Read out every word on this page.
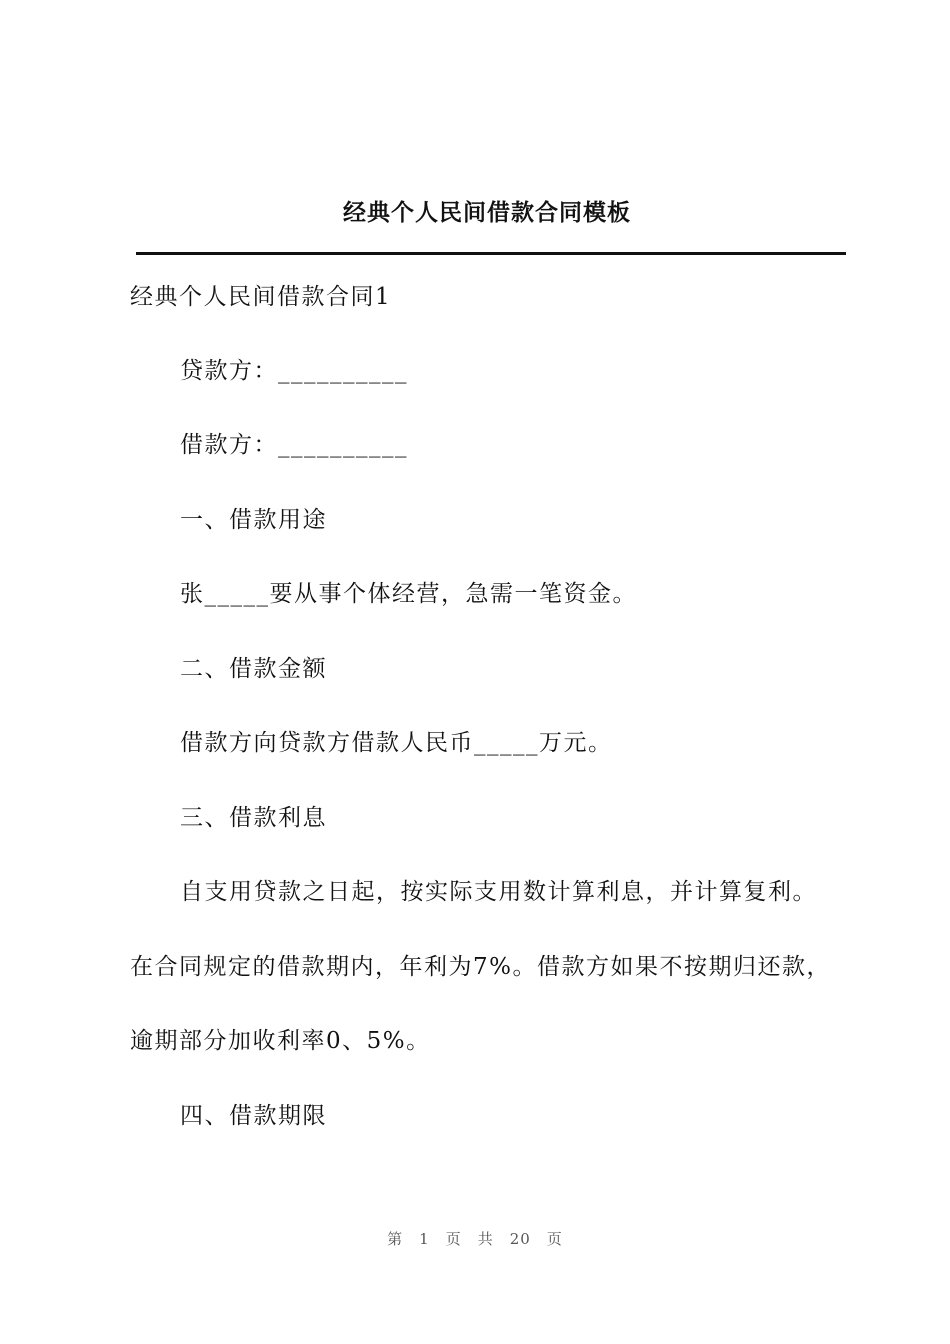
经典个人民间借款合同模板
经典个人民间借款合同1
贷款方：__________
借款方：__________
一、借款用途
张_____要从事个体经营，急需一笔资金。
二、借款金额
借款方向贷款方借款人民币_____万元。
三、借款利息
自支用贷款之日起，按实际支用数计算利息，并计算复利。
在合同规定的借款期内，年利为7%。借款方如果不按期归还款，
逾期部分加收利率0、5%。
四、借款期限
第 1 页 共 20 页
